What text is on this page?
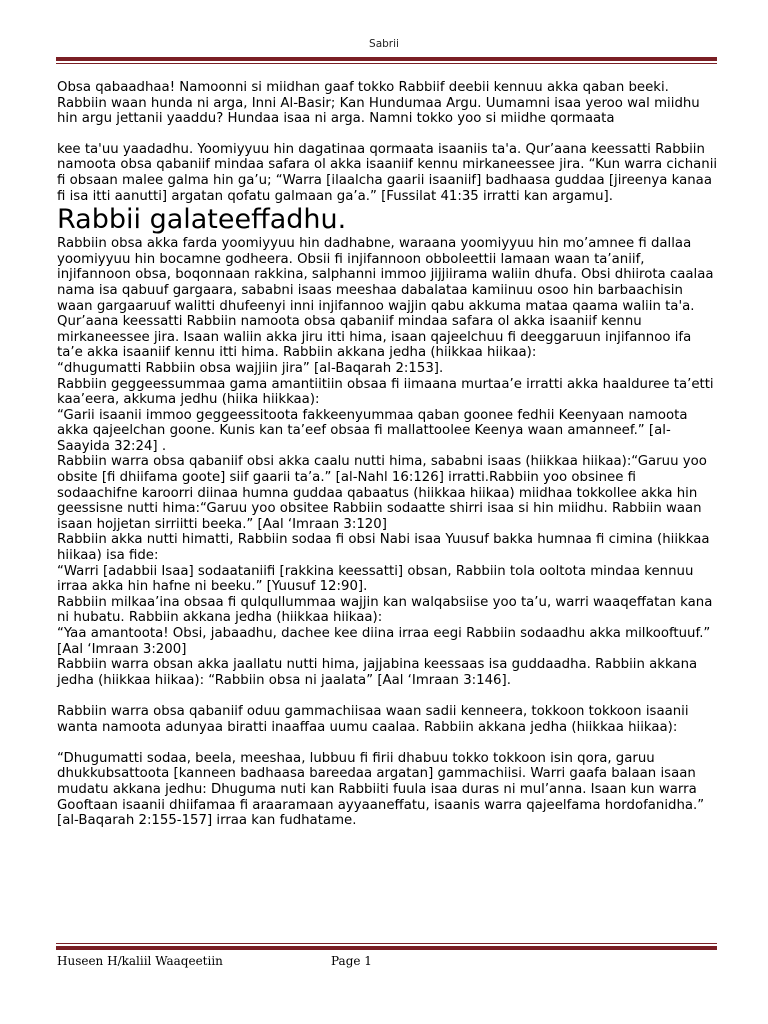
Sabrii

Obsa qabaadhaa! Namoonni si miidhan gaaf tokko Rabbiif deebii kennuu akka qaban beeki. Rabbiin waan hunda ni arga, Inni Al-Basir; Kan Hundumaa Argu. Uumamni isaa yeroo wal miidhu hin argu jettanii yaaddu? Hundaa isaa ni arga. Namni tokko yoo si miidhe qormaata

kee ta'uu yaadadhu. Yoomiyyuu hin dagatinaa qormaata isaaniis ta'a. Qur’aana keessatti Rabbiin namoota obsa qabaniif mindaa safara ol akka isaaniif kennu mirkaneessee jira. “Kun warra cichanii fi obsaan malee galma hin ga’u; “Warra [ilaalcha gaarii isaaniif] badhaasa guddaa [jireenya kanaa fi isa itti aanutti] argatan qofatu galmaan ga’a.” [Fussilat 41:35 irratti kan argamu].

Rabbii galateeffadhu.

Rabbiin obsa akka farda yoomiyyuu hin dadhabne, waraana yoomiyyuu hin mo’amnee fi dallaa yoomiyyuu hin bocamne godheera. Obsii fi injifannoon obboleettii lamaan waan ta’aniif, injifannoon obsa, boqonnaan rakkina, salphanni immoo jijjiirama waliin dhufa. Obsi dhiirota caalaa nama isa qabuuf gargaara, sababni isaas meeshaa dabalataa kamiinuu osoo hin barbaachisin waan gargaaruuf walitti dhufeenyi inni injifannoo wajjin qabu akkuma mataa qaama waliin ta'a.

Qur’aana keessatti Rabbiin namoota obsa qabaniif mindaa safara ol akka isaaniif kennu mirkaneessee jira. Isaan waliin akka jiru itti hima, isaan qajeelchuu fi deeggaruun injifannoo ifa ta’e akka isaaniif kennu itti hima. Rabbiin akkana jedha (hiikkaa hiikaa):

“dhugumatti Rabbiin obsa wajjiin jira” [al-Baqarah 2:153].

Rabbiin geggeessummaa gama amantiitiin obsaa fi iimaana murtaa’e irratti akka haalduree ta’etti kaa’eera, akkuma jedhu (hiika hiikkaa):

“Garii isaanii immoo geggeessitoota fakkeenyummaa qaban goonee fedhii Keenyaan namoota akka qajeelchan goone. Kunis kan ta’eef obsaa fi mallattoolee Keenya waan amanneef.” [al-Saayida 32:24] .

Rabbiin warra obsa qabaniif obsi akka caalu nutti hima, sababni isaas (hiikkaa hiikaa):“Garuu yoo obsite [fi dhiifama goote] siif gaarii ta’a.” [al-Nahl 16:126] irratti.Rabbiin yoo obsinee fi sodaachifne karoorri diinaa humna guddaa qabaatus (hiikkaa hiikaa) miidhaa tokkollee akka hin geessisne nutti hima:“Garuu yoo obsitee Rabbiin sodaatte shirri isaa si hin miidhu. Rabbiin waan isaan hojjetan sirriitti beeka.” [Aal ‘Imraan 3:120]

Rabbiin akka nutti himatti, Rabbiin sodaa fi obsi Nabi isaa Yuusuf bakka humnaa fi cimina (hiikkaa hiikaa) isa fide:

“Warri [adabbii Isaa] sodaataniifi [rakkina keessatti] obsan, Rabbiin tola ooltota mindaa kennuu irraa akka hin hafne ni beeku.” [Yuusuf 12:90].

Rabbiin milkaa’ina obsaa fi qulqullummaa wajjin kan walqabsiise yoo ta’u, warri waaqeffatan kana ni hubatu. Rabbiin akkana jedha (hiikkaa hiikaa):

“Yaa amantoota! Obsi, jabaadhu, dachee kee diina irraa eegi Rabbiin sodaadhu akka milkooftuuf.” [Aal ‘Imraan 3:200]

Rabbiin warra obsan akka jaallatu nutti hima, jajjabina keessaas isa guddaadha. Rabbiin akkana jedha (hiikkaa hiikaa): “Rabbiin obsa ni jaalata” [Aal ‘Imraan 3:146].

Rabbiin warra obsa qabaniif oduu gammachiisaa waan sadii kenneera, tokkoon tokkoon isaanii wanta namoota adunyaa biratti inaaffaa uumu caalaa. Rabbiin akkana jedha (hiikkaa hiikaa):

“Dhugumatti sodaa, beela, meeshaa, lubbuu fi firii dhabuu tokko tokkoon isin qora, garuu dhukkubsattoota [kanneen badhaasa bareedaa argatan] gammachiisi. Warri gaafa balaan isaan mudatu akkana jedhu: Dhuguma nuti kan Rabbiiti fuula isaa duras ni mul’anna. Isaan kun warra Gooftaan isaanii dhiifamaa fi araaramaan ayyaaneffatu, isaanis warra qajeelfama hordofanidha.” [al-Baqarah 2:155-157] irraa kan fudhatame.

Huseen H/kaliil Waaqeetiin	Page 1
